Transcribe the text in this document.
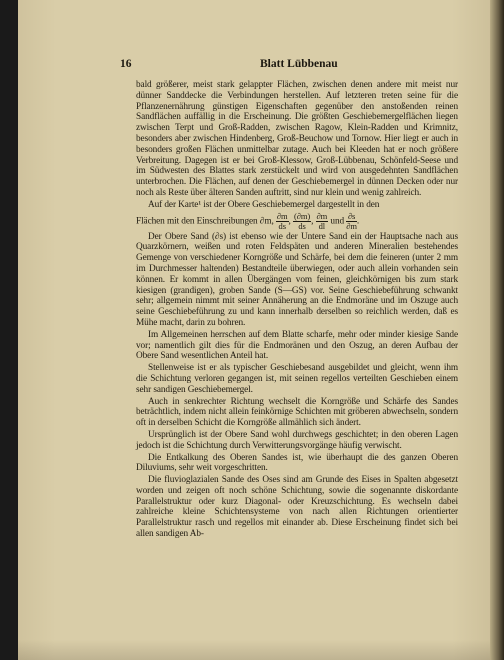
16	Blatt Lübbenau

bald größerer, meist stark gelappter Flächen, zwischen denen andere mit meist nur dünner Sanddecke die Verbindungen herstellen. Auf letzteren treten seine für die Pflanzenernährung günstigen Eigenschaften gegenüber den anstoßenden reinen Sandflächen auffällig in die Erscheinung. Die größten Geschiebemergelflächen liegen zwischen Terpt und Groß-Radden, zwischen Ragow, Klein-Radden und Krimnitz, besonders aber zwischen Hindenberg, Groß-Beuchow und Tornow. Hier liegt er auch in besonders großen Flächen unmittelbar zutage. Auch bei Kleeden hat er noch größere Verbreitung. Dagegen ist er bei Groß-Klessow, Groß-Lübbenau, Schönfeld-Seese und im Südwesten des Blattes stark zerstückelt und wird von ausgedehnten Sandflächen unterbrochen. Die Flächen, auf denen der Geschiebemergel in dünnen Decken oder nur noch als Reste über älteren Sanden auftritt, sind nur klein und wenig zahlreich.

Auf der Karte¹ ist der Obere Geschiebemergel dargestellt in den

Flächen mit den Einschreibungen ∂m, $\frac{\partial m}{ds}$ , $\frac{(\partial m)}{ds}$ , $\frac{\partial m}{dl}$ und $\frac{\partial s}{\partial m}$ .

Der Obere Sand (∂s) ist ebenso wie der Untere Sand ein der Hauptsache nach aus Quarzkörnern, weißen und roten Feldspäten und anderen Mineralien bestehendes Gemenge von verschiedener Korngröße und Schärfe, bei dem die feineren (unter 2 mm im Durchmesser haltenden) Bestandteile überwiegen, oder auch allein vorhanden sein können. Er kommt in allen Übergängen vom feinen, gleichkörnigen bis zum stark kiesigen (grandigen), groben Sande (S—GS) vor. Seine Geschiebeführung schwankt sehr; allgemein nimmt mit seiner Annäherung an die Endmoräne und im Oszuge auch seine Geschiebeführung zu und kann innerhalb derselben so reichlich werden, daß es Mühe macht, darin zu bohren.

Im Allgemeinen herrschen auf dem Blatte scharfe, mehr oder minder kiesige Sande vor; namentlich gilt dies für die Endmoränen und den Oszug, an deren Aufbau der Obere Sand wesentlichen Anteil hat.

Stellenweise ist er als typischer Geschiebesand ausgebildet und gleicht, wenn ihm die Schichtung verloren gegangen ist, mit seinen regellos verteilten Geschieben einem sehr sandigen Geschiebemergel.

Auch in senkrechter Richtung wechselt die Korngröße und Schärfe des Sandes beträchtlich, indem nicht allein feinkörnige Schichten mit gröberen abwechseln, sondern oft in derselben Schicht die Korngröße allmählich sich ändert.

Ursprünglich ist der Obere Sand wohl durchwegs geschichtet; in den oberen Lagen jedoch ist die Schichtung durch Verwitterungsvorgänge häufig verwischt.

Die Entkalkung des Oberen Sandes ist, wie überhaupt die des ganzen Oberen Diluviums, sehr weit vorgeschritten.

Die fluvioglazialen Sande des Oses sind am Grunde des Eises in Spalten abgesetzt worden und zeigen oft noch schöne Schichtung, sowie die sogenannte diskordante Parallelstruktur oder kurz Diagonal- oder Kreuzschichtung. Es wechseln dabei zahlreiche kleine Schichtensysteme von nach allen Richtungen orientierter Parallelstruktur rasch und regellos mit einander ab. Diese Erscheinung findet sich bei allen sandigen Ab-
